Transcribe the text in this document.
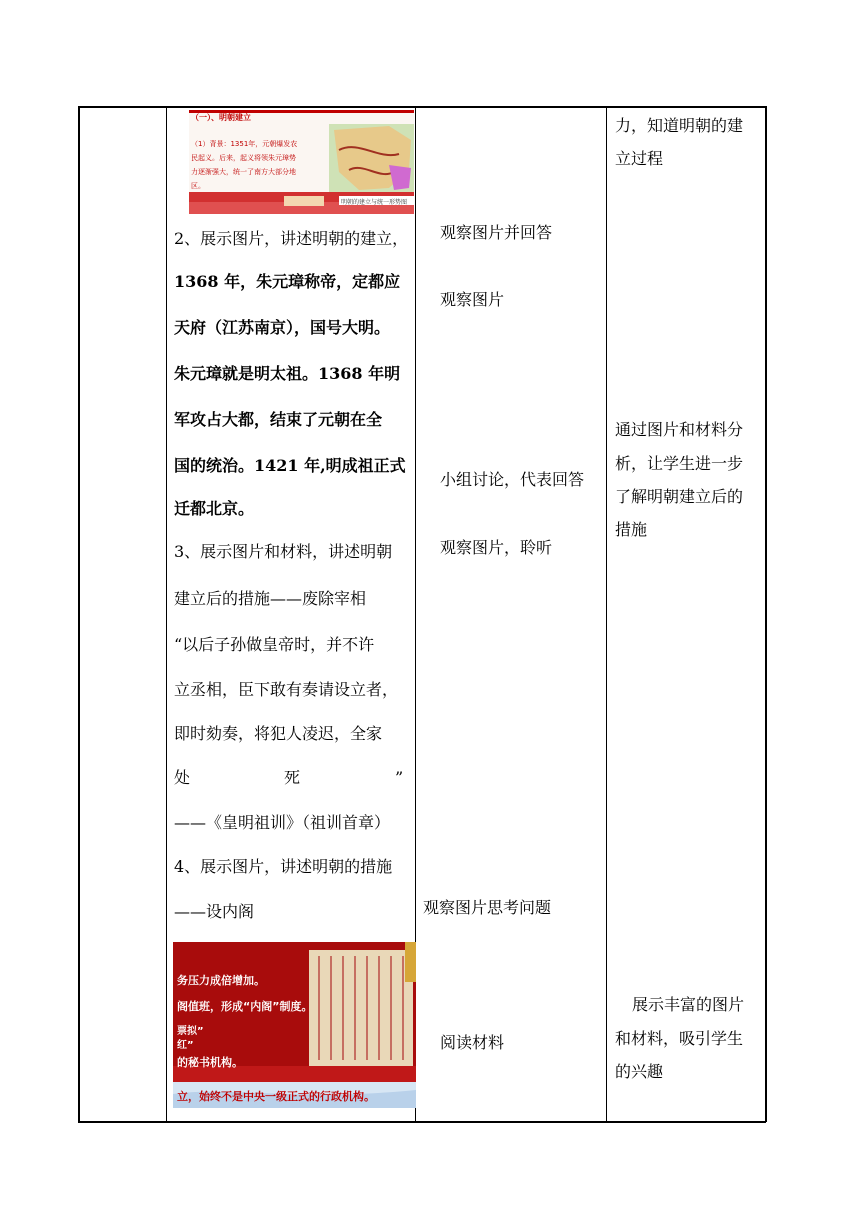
（一）、明朝建立
（1）背景：1351年，元朝爆发农
民起义。后来，起义将领朱元璋势
力逐渐强大，统一了南方大部分地
区。
明朝的建立与统一形势图
2、展示图片，讲述明朝的建立，
1368 年，朱元璋称帝，定都应
天府（江苏南京），国号大明。
朱元璋就是明太祖。1368 年明
军攻占大都，结束了元朝在全
国的统治。1421 年,明成祖正式
迁都北京。
3、展示图片和材料，讲述明朝
建立后的措施——废除宰相
“以后子孙做皇帝时，并不许
立丞相，臣下敢有奏请设立者，
即时劾奏，将犯人凌迟，全家
处	死	”
——《皇明祖训》（祖训首章）
4、展示图片，讲述明朝的措施
——设内阁
务压力成倍增加。
阁值班，形成“内阁”制度。
票拟”
红”
的秘书机构。
立，始终不是中央一级正式的行政机构。
观察图片并回答
观察图片
小组讨论，代表回答
观察图片，聆听
观察图片思考问题
阅读材料
力，知道明朝的建
立过程
通过图片和材料分
析，让学生进一步
了解明朝建立后的
措施
展示丰富的图片
和材料，吸引学生
的兴趣
